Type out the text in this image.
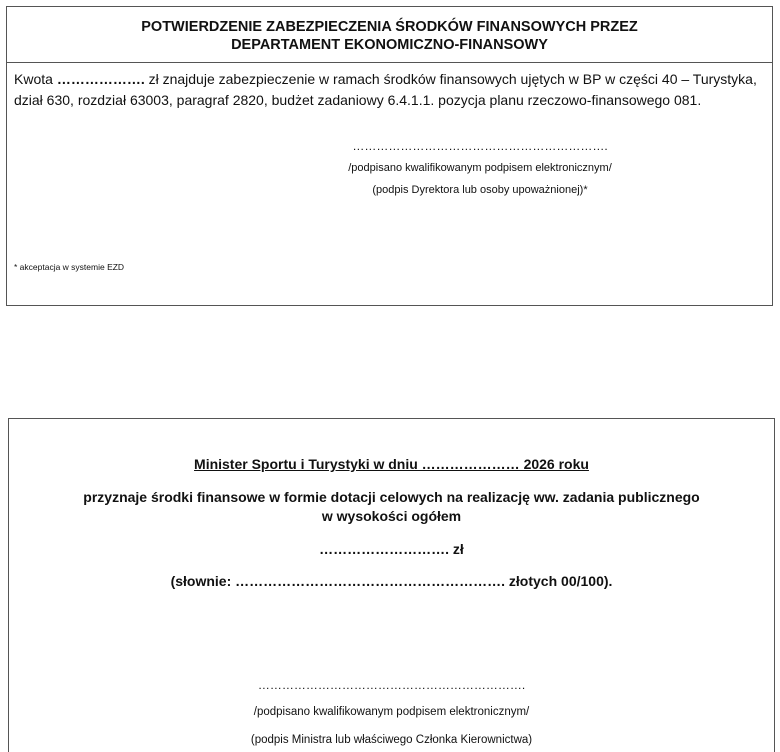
POTWIERDZENIE ZABEZPIECZENIA ŚRODKÓW FINANSOWYCH PRZEZ
DEPARTAMENT EKONOMICZNO-FINANSOWY
Kwota ………………. zł znajduje zabezpieczenie w ramach środków finansowych ujętych w BP w części 40 – Turystyka,
dział 630, rozdział 63003, paragraf 2820, budżet zadaniowy 6.4.1.1. pozycja planu rzeczowo-finansowego 081.
……………………………………………………….
/podpisano kwalifikowanym podpisem elektronicznym/
(podpis Dyrektora lub osoby upoważnionej)*
* akceptacja w systemie EZD
Minister Sportu i Turystyki w dniu ………………… 2026 roku
przyznaje środki finansowe w formie dotacji celowych na realizację ww. zadania publicznego
w wysokości ogółem
………………………. zł
(słownie: …………………………………………………. złotych 00/100).
………………………………………………………….
/podpisano kwalifikowanym podpisem elektronicznym/
(podpis Ministra lub właściwego Członka Kierownictwa)
